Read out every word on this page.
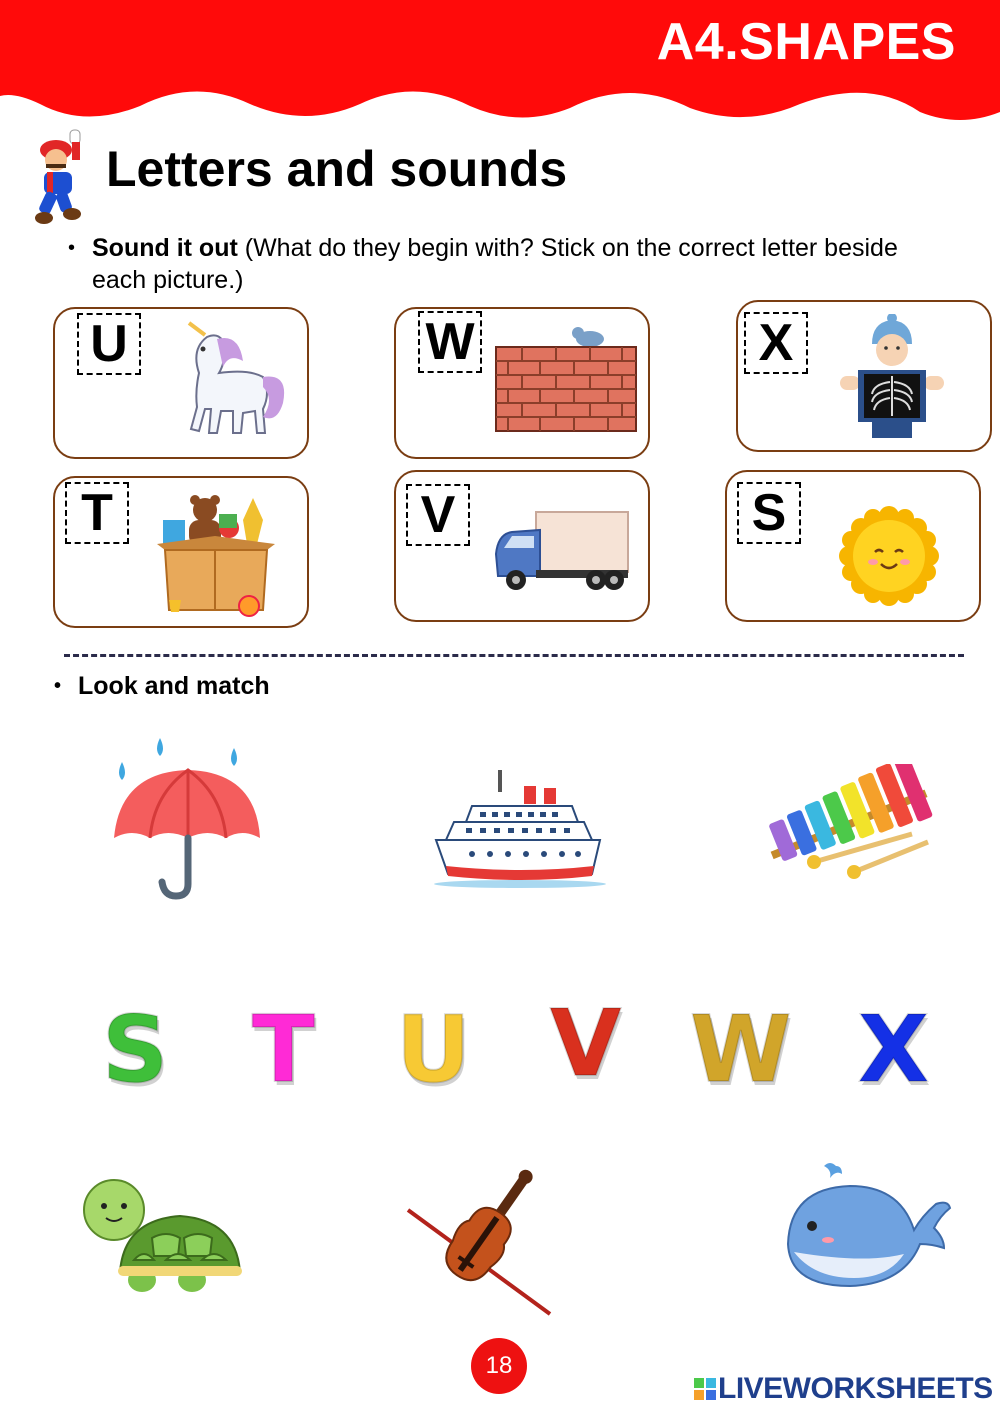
A4.SHAPES
Letters and sounds
• Sound it out (What do they begin with? Stick on the correct letter beside each picture.)
U	W	X
T	V	S
• Look and match
S T U V W X
18
LIVEWORKSHEETS
